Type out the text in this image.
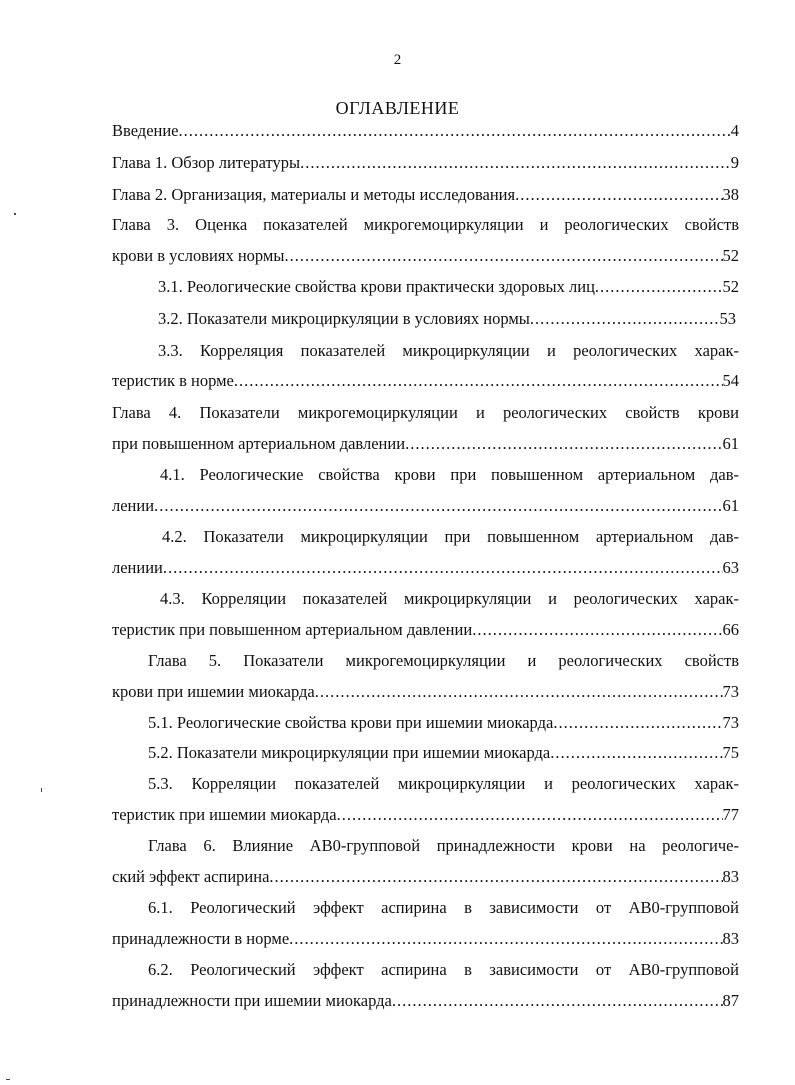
2
ОГЛАВЛЕНИЕ
Введение .....	4
Глава 1. Обзор литературы .....	9
Глава 2. Организация, материалы и методы исследования .....	38
Глава 3. Оценка показателей микрогемоциркуляции и реологических свойств
крови в условиях нормы .....	52
3.1. Реологические свойства крови практически здоровых лиц .....	52
3.2. Показатели микроциркуляции в условиях нормы .....	53
3.3. Корреляция показателей микроциркуляции и реологических харак-
теристик в норме .....	54
Глава 4. Показатели микрогемоциркуляции и реологических свойств крови
при повышенном артериальном давлении .....	61
4.1. Реологические свойства крови при повышенном артериальном дав-
лении .....	61
4.2. Показатели микроциркуляции при повышенном артериальном дав-
лениии .....	63
4.3. Корреляции показателей микроциркуляции и реологических харак-
теристик при повышенном артериальном давлении .....	66
Глава 5. Показатели микрогемоциркуляции и реологических свойств
крови при ишемии миокарда .....	73
5.1. Реологические свойства крови при ишемии миокарда .....	73
5.2. Показатели микроциркуляции при ишемии миокарда .....	75
5.3. Корреляции показателей микроциркуляции и реологических харак-
теристик при ишемии миокарда .....	77
Глава 6. Влияние АВ0-групповой принадлежности крови на реологиче-
ский эффект аспирина .....	83
6.1. Реологический эффект аспирина в зависимости от АВ0-групповой
принадлежности в норме .....	83
6.2. Реологический эффект аспирина в зависимости от АВ0-групповой
принадлежности при ишемии миокарда .....	87
